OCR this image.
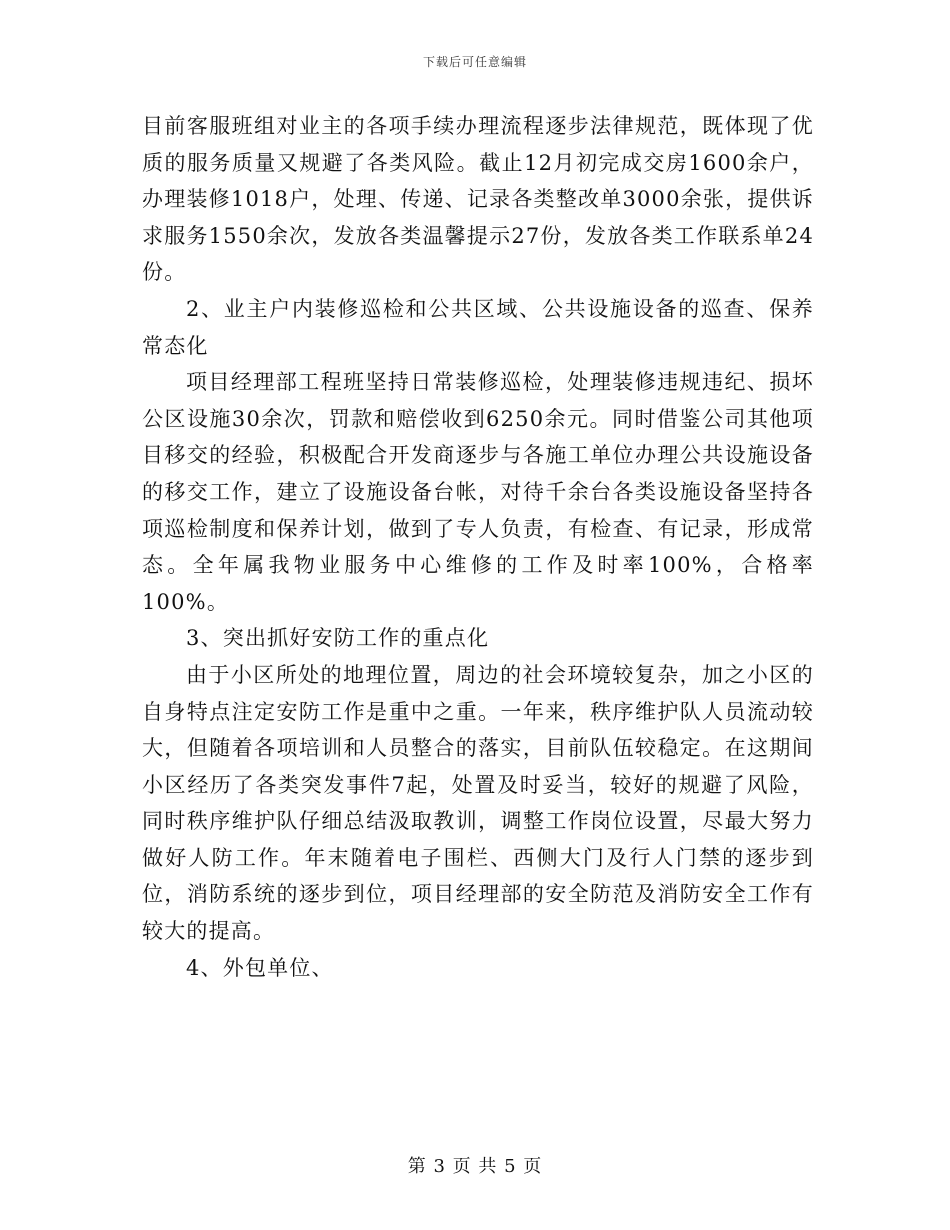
下载后可任意编辑

目前客服班组对业主的各项手续办理流程逐步法律规范，既体现了优质的服务质量又规避了各类风险。截止12月初完成交房1600余户，办理装修1018户，处理、传递、记录各类整改单3000余张，提供诉求服务1550余次，发放各类温馨提示27份，发放各类工作联系单24份。

2、业主户内装修巡检和公共区域、公共设施设备的巡查、保养常态化

项目经理部工程班坚持日常装修巡检，处理装修违规违纪、损坏公区设施30余次，罚款和赔偿收到6250余元。同时借鉴公司其他项目移交的经验，积极配合开发商逐步与各施工单位办理公共设施设备的移交工作，建立了设施设备台帐，对待千余台各类设施设备坚持各项巡检制度和保养计划，做到了专人负责，有检查、有记录，形成常态。全年属我物业服务中心维修的工作及时率100%，合格率100%。

3、突出抓好安防工作的重点化

由于小区所处的地理位置，周边的社会环境较复杂，加之小区的自身特点注定安防工作是重中之重。一年来，秩序维护队人员流动较大，但随着各项培训和人员整合的落实，目前队伍较稳定。在这期间小区经历了各类突发事件7起，处置及时妥当，较好的规避了风险，同时秩序维护队仔细总结汲取教训，调整工作岗位设置，尽最大努力做好人防工作。年末随着电子围栏、西侧大门及行人门禁的逐步到位，消防系统的逐步到位，项目经理部的安全防范及消防安全工作有较大的提高。

4、外包单位、

第 3 页 共 5 页
